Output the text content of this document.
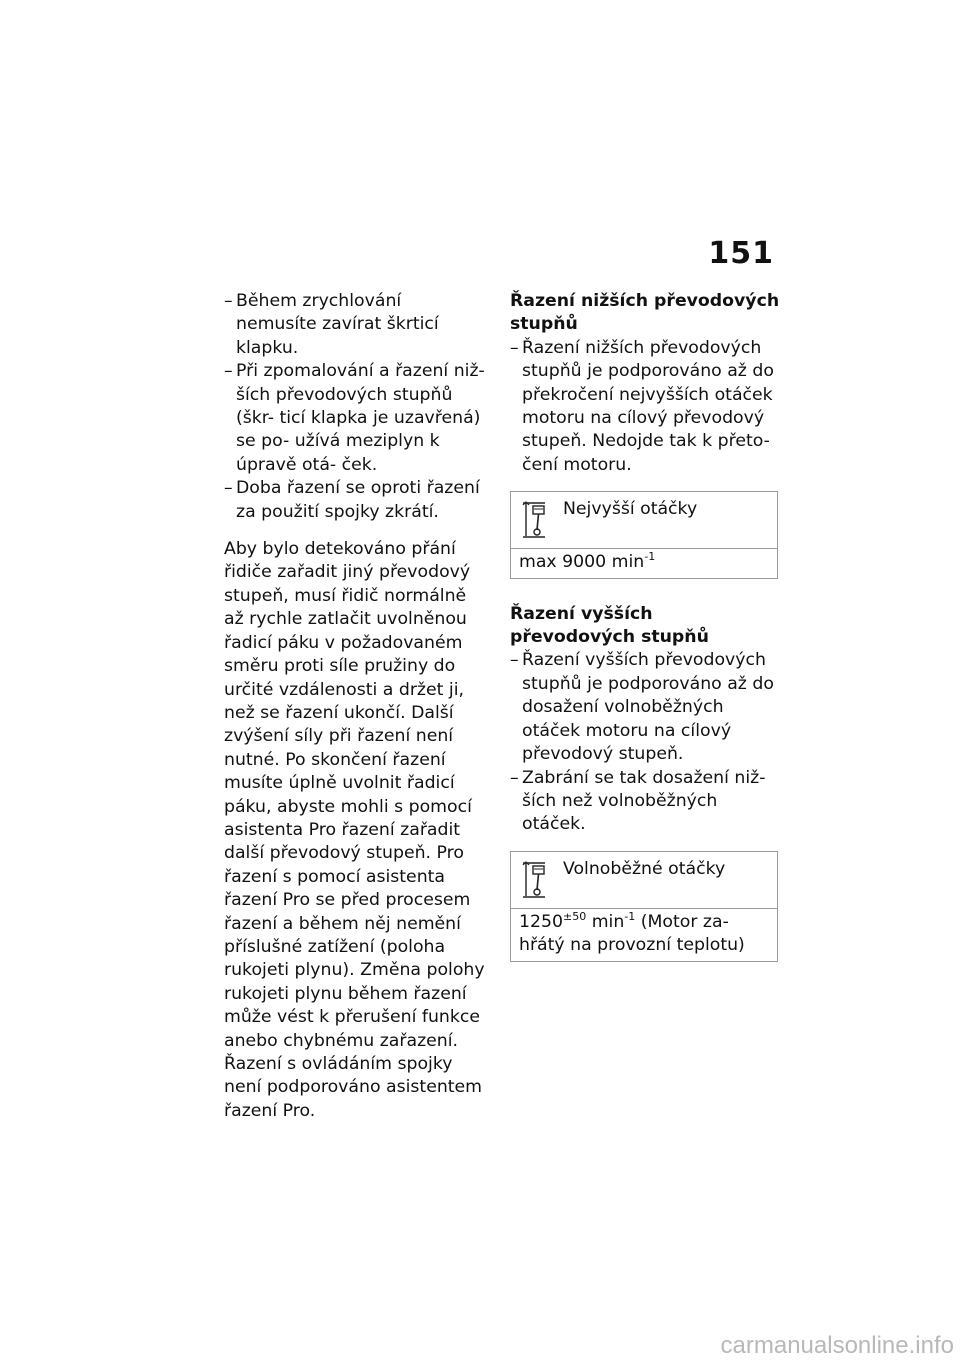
151
– Během zrychlování nemusíte zavírat škrticí klapku.
– Při zpomalování a řazení niž- ších převodových stupňů (škr- ticí klapka je uzavřená) se po- užívá meziplyn k úpravě otá- ček.
– Doba řazení se oproti řazení za použití spojky zkrátí.

Aby bylo detekováno přání řidiče zařadit jiný převodový stupeň, musí řidič normálně až rychle zatlačit uvolněnou řadicí páku v požadovaném směru proti síle pružiny do určité vzdálenosti a držet ji, než se řazení ukončí. Další zvýšení síly při řazení není nutné. Po skončení řazení musíte úplně uvolnit řadicí páku, abyste mohli s pomocí asistenta Pro řazení zařadit další převodový stupeň. Pro řazení s pomocí asistenta řazení Pro se před procesem řazení a během něj nemění příslušné zatížení (poloha rukojeti plynu). Změna polohy rukojeti plynu během řazení může vést k přerušení funkce anebo chybnému zařazení. Řazení s ovládáním spojky není podporováno asistentem řazení Pro.

Řazení nižších převodových stupňů
– Řazení nižších převodových stupňů je podporováno až do překročení nejvyšších otáček motoru na cílový převodový stupeň. Nedojde tak k přeto- čení motoru.
Nejvyšší otáčky
max 9000 $\min^{-1}$
Řazení vyšších převodových stupňů
– Řazení vyšších převodových stupňů je podporováno až do dosažení volnoběžných otáček motoru na cílový převodový stupeň.
– Zabrání se tak dosažení niž- ších než volnoběžných otáček.
Volnoběžné otáčky
$1250^{\pm 50}$ $\min^{-1}$ (Motor za- hřátý na provozní teplotu)
carmanualsonline.info
